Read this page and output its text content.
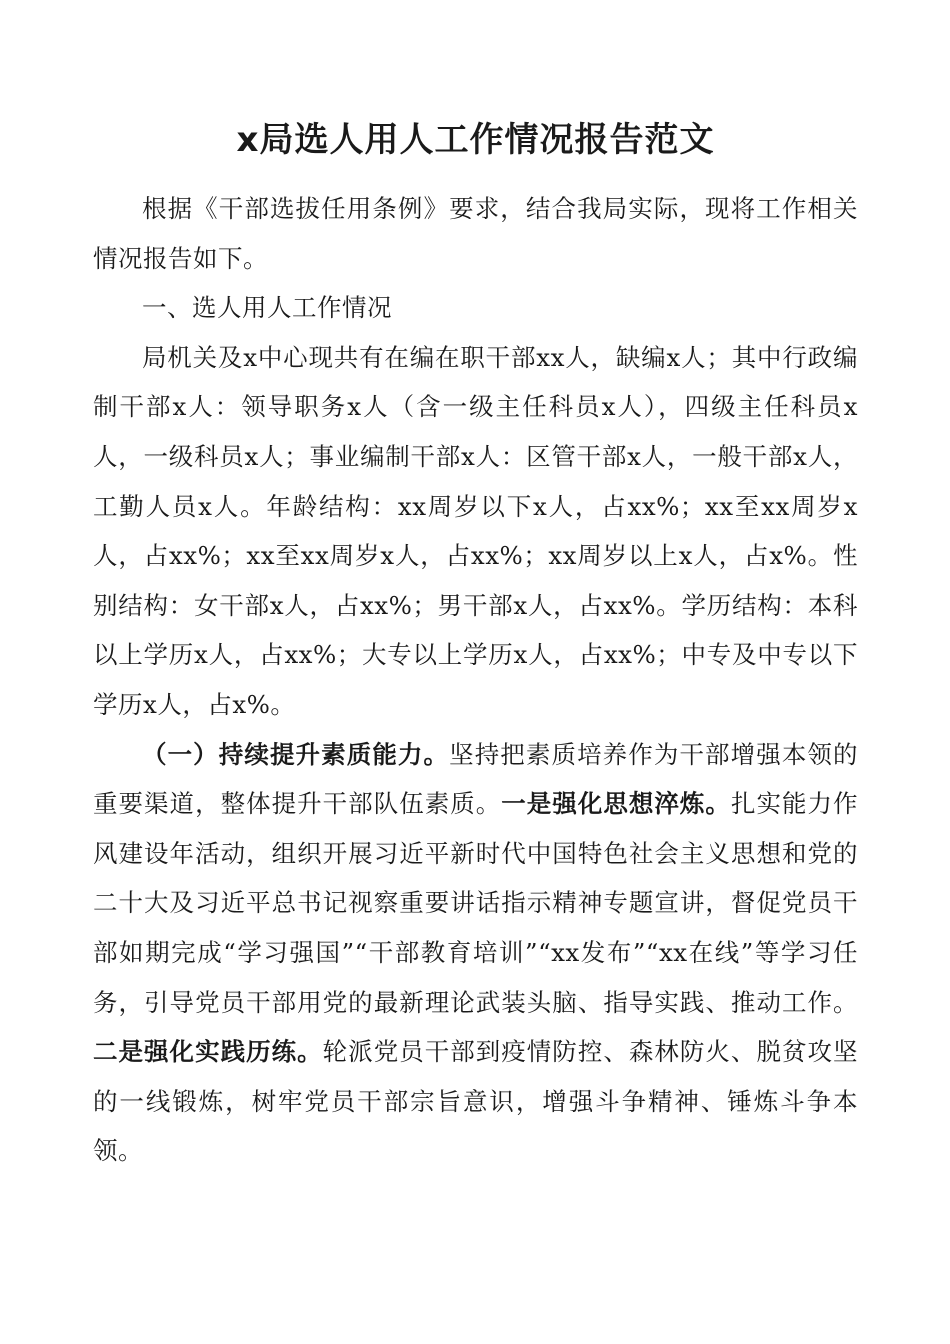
x局选人用人工作情况报告范文

根据《干部选拔任用条例》要求，结合我局实际，现将工作相关情况报告如下。

一、选人用人工作情况

局机关及x中心现共有在编在职干部xx人，缺编x人；其中行政编制干部x人：领导职务x人（含一级主任科员x人），四级主任科员x人，一级科员x人；事业编制干部x人：区管干部x人，一般干部x人，工勤人员x人。年龄结构：xx周岁以下x人，占xx%；xx至xx周岁x人，占xx%；xx至xx周岁x人，占xx%；xx周岁以上x人，占x%。性别结构：女干部x人，占xx%；男干部x人，占xx%。学历结构：本科以上学历x人，占xx%；大专以上学历x人，占xx%；中专及中专以下学历x人，占x%。

（一）持续提升素质能力。坚持把素质培养作为干部增强本领的重要渠道，整体提升干部队伍素质。一是强化思想淬炼。扎实能力作风建设年活动，组织开展习近平新时代中国特色社会主义思想和党的二十大及习近平总书记视察重要讲话指示精神专题宣讲，督促党员干部如期完成“学习强国”“干部教育培训”“xx发布”“xx在线”等学习任务，引导党员干部用党的最新理论武装头脑、指导实践、推动工作。二是强化实践历练。轮派党员干部到疫情防控、森林防火、脱贫攻坚的一线锻炼，树牢党员干部宗旨意识，增强斗争精神、锤炼斗争本领。
